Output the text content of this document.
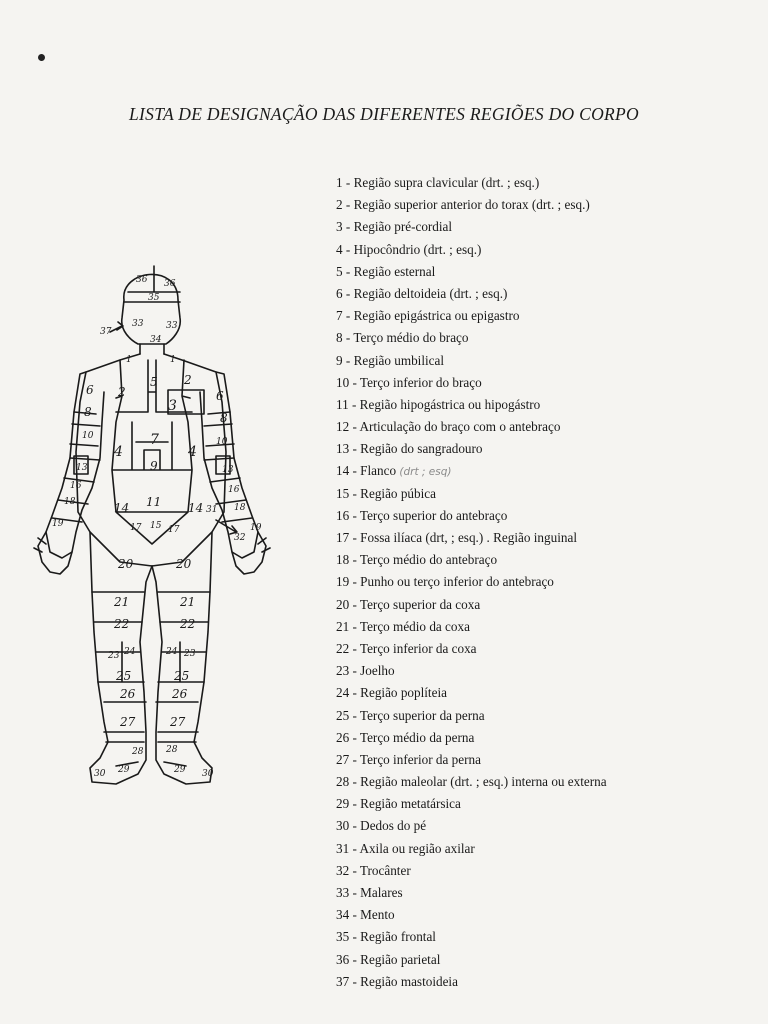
LISTA DE DESIGNAÇÃO DAS DIFERENTES REGIÕES DO CORPO
36 36
35
33	33
34
37
1	1
2
2
5
3
6	6
8	8
10
10
4	4
7
9
13	13
16	16
18
18
19	19
14	14 31
11
15
17	17
32
20	20
21	21
22	22
23 24	24 23
25	25
26	26
27	27
28	28
29	29
30	30
1 - Região supra clavicular (drt. ; esq.)
2 - Região superior anterior do torax (drt. ; esq.)
3 - Região pré-cordial
4 - Hipocôndrio (drt. ; esq.)
5 - Região esternal
6 - Região deltoideia (drt. ; esq.)
7 - Região epigástrica ou epigastro
8 - Terço médio do braço
9 - Região umbilical
10 - Terço inferior do braço
11 - Região hipogástrica ou hipogástro
12 - Articulação do braço com o antebraço
13 - Região do sangradouro
14 - Flanco (drt ; esq)
15 - Região púbica
16 - Terço superior do antebraço
17 - Fossa ilíaca (drt, ; esq.) . Região inguinal
18 - Terço médio do antebraço
19 - Punho ou terço inferior do antebraço
20 - Terço superior da coxa
21 - Terço médio da coxa
22 - Terço inferior da coxa
23 - Joelho
24 - Região poplíteia
25 - Terço superior da perna
26 - Terço médio da perna
27 - Terço inferior da perna
28 - Região maleolar (drt. ; esq.) interna ou externa
29 - Região metatársica
30 - Dedos do pé
31 - Axila ou região axilar
32 - Trocânter
33 - Malares
34 - Mento
35 - Região frontal
36 - Região parietal
37 - Região mastoideia
